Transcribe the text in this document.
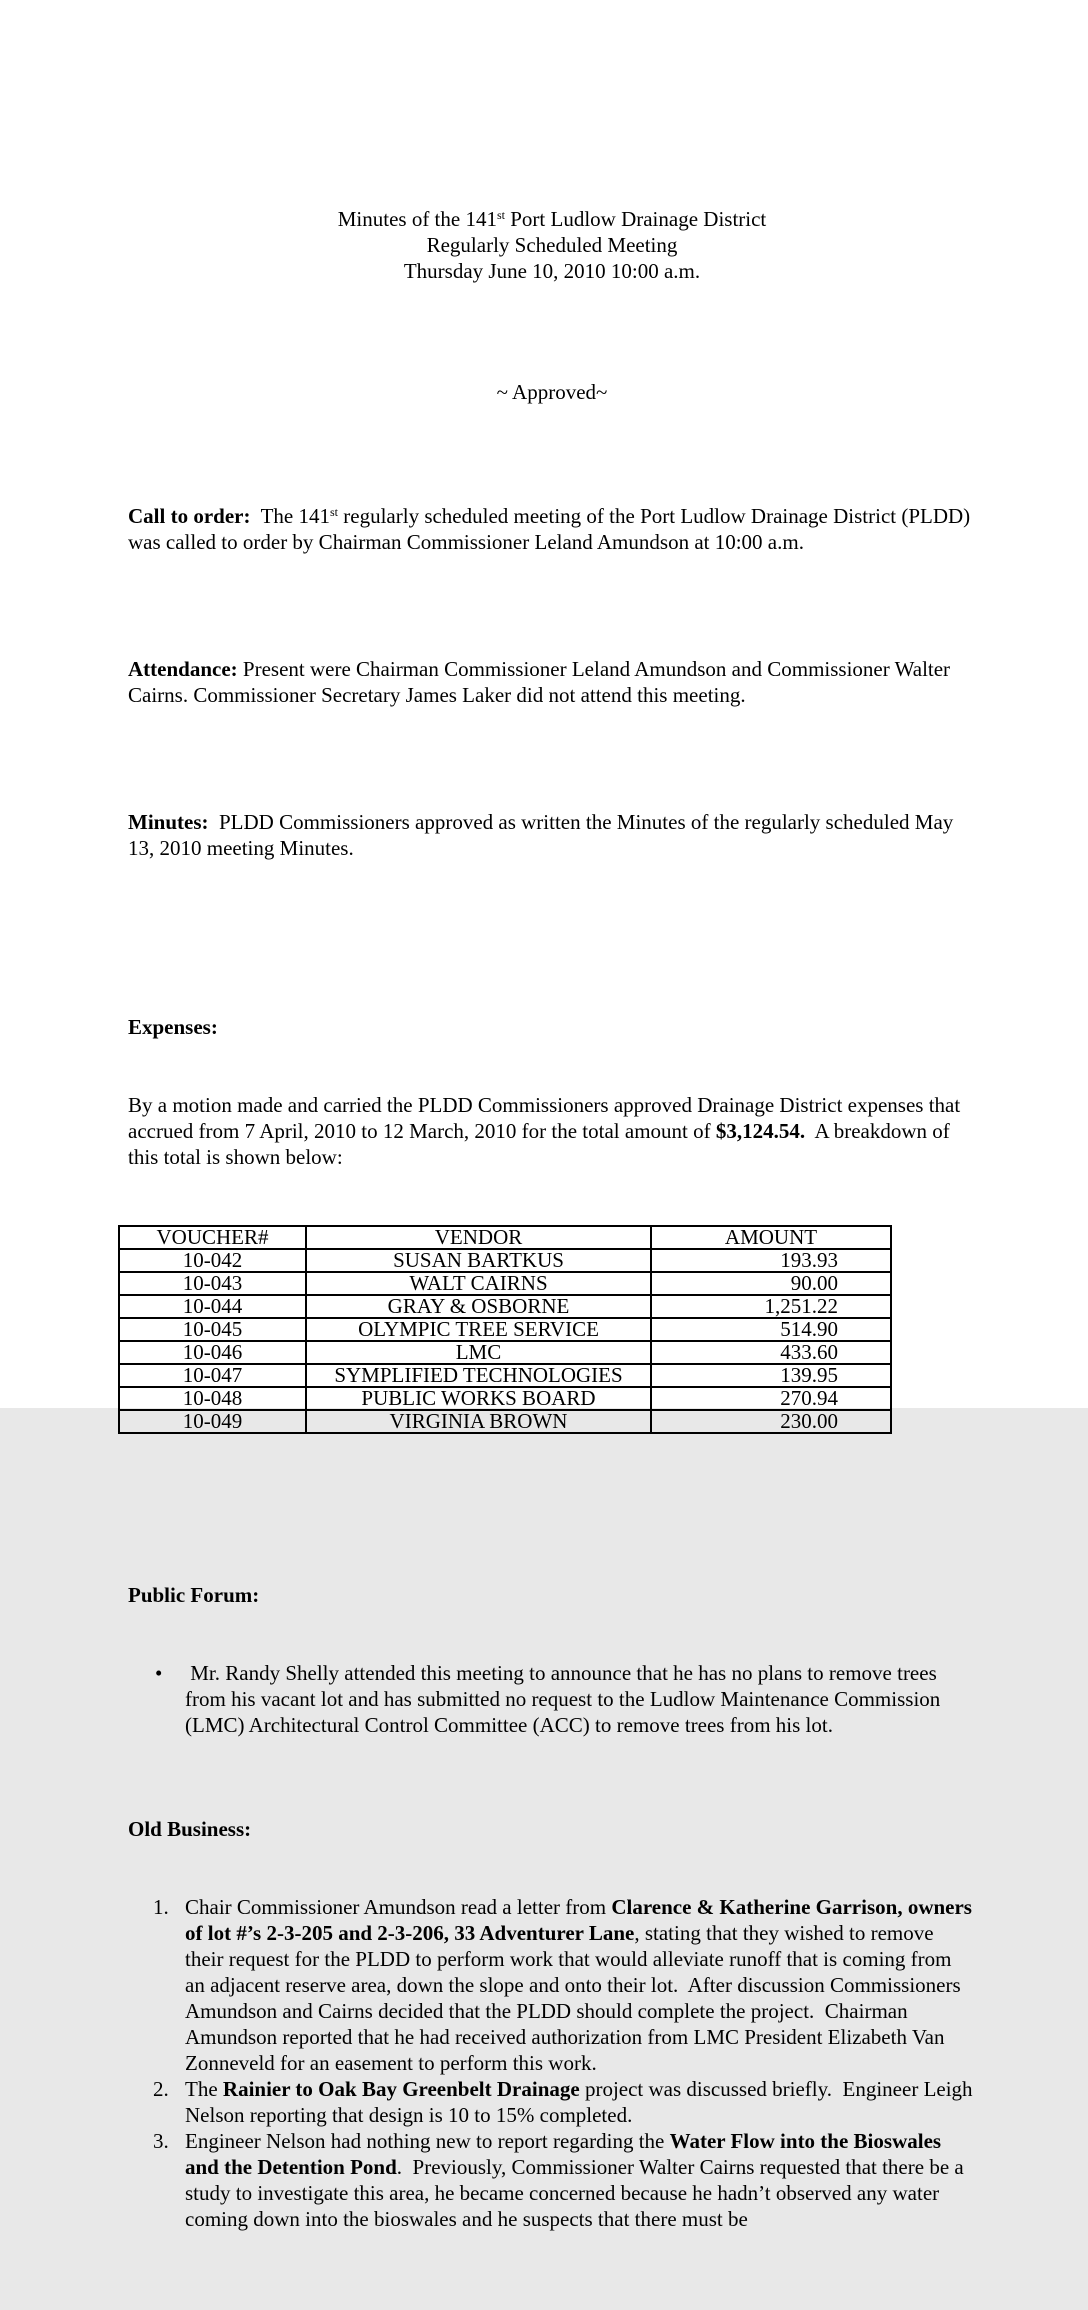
Minutes of the 141st Port Ludlow Drainage District
Regularly Scheduled Meeting
Thursday June 10, 2010 10:00 a.m.

~ Approved~

Call to order:  The 141st regularly scheduled meeting of the Port Ludlow Drainage District (PLDD) was called to order by Chairman Commissioner Leland Amundson at 10:00 a.m.

Attendance: Present were Chairman Commissioner Leland Amundson and Commissioner Walter Cairns. Commissioner Secretary James Laker did not attend this meeting.

Minutes:  PLDD Commissioners approved as written the Minutes of the regularly scheduled May 13, 2010 meeting Minutes.

Expenses:

By a motion made and carried the PLDD Commissioners approved Drainage District expenses that accrued from 7 April, 2010 to 12 March, 2010 for the total amount of $3,124.54.  A breakdown of this total is shown below:

VOUCHER#	VENDOR	AMOUNT
10-042	SUSAN BARTKUS	193.93
10-043	WALT CAIRNS	90.00
10-044	GRAY & OSBORNE	1,251.22
10-045	OLYMPIC TREE SERVICE	514.90
10-046	LMC	433.60
10-047	SYMPLIFIED TECHNOLOGIES	139.95
10-048	PUBLIC WORKS BOARD	270.94
10-049	VIRGINIA BROWN	230.00

Public Forum:

• Mr. Randy Shelly attended this meeting to announce that he has no plans to remove trees from his vacant lot and has submitted no request to the Ludlow Maintenance Commission (LMC) Architectural Control Committee (ACC) to remove trees from his lot.

Old Business:

1. Chair Commissioner Amundson read a letter from Clarence & Katherine Garrison, owners of lot #’s 2-3-205 and 2-3-206, 33 Adventurer Lane, stating that they wished to remove their request for the PLDD to perform work that would alleviate runoff that is coming from an adjacent reserve area, down the slope and onto their lot.  After discussion Commissioners Amundson and Cairns decided that the PLDD should complete the project.  Chairman Amundson reported that he had received authorization from LMC President Elizabeth Van Zonneveld for an easement to perform this work.
2. The Rainier to Oak Bay Greenbelt Drainage project was discussed briefly.  Engineer Leigh Nelson reporting that design is 10 to 15% completed.
3. Engineer Nelson had nothing new to report regarding the Water Flow into the Bioswales and the Detention Pond.  Previously, Commissioner Walter Cairns requested that there be a study to investigate this area, he became concerned because he hadn’t observed any water coming down into the bioswales and he suspects that there must be
